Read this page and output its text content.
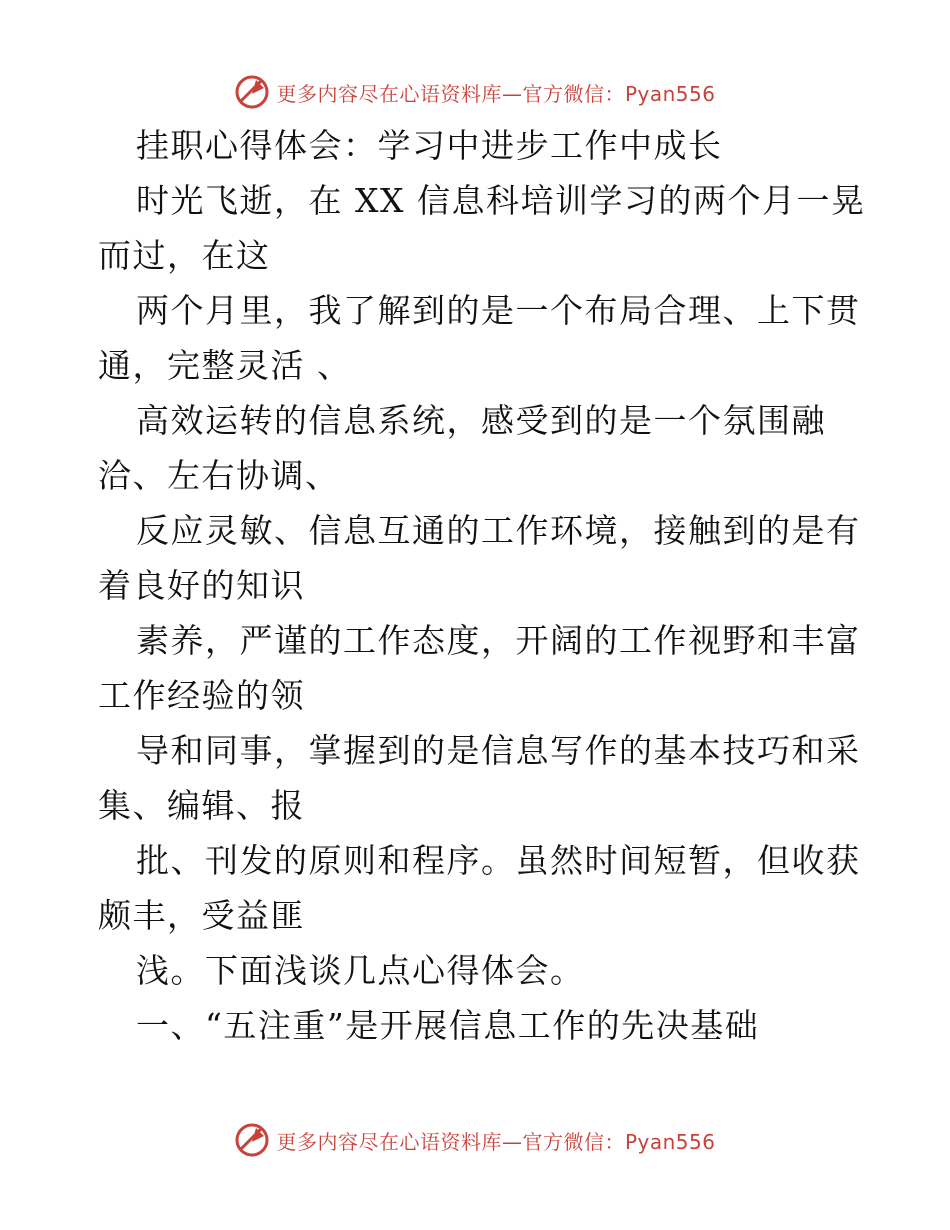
更多内容尽在心语资料库—官方微信：Pyan556
挂职心得体会：学习中进步工作中成长
时光飞逝，在 XX 信息科培训学习的两个月一晃
而过，在这
两个月里，我了解到的是一个布局合理、上下贯
通，完整灵活 、
高效运转的信息系统，感受到的是一个氛围融
洽、左右协调、
反应灵敏、信息互通的工作环境，接触到的是有
着良好的知识
素养，严谨的工作态度，开阔的工作视野和丰富
工作经验的领
导和同事，掌握到的是信息写作的基本技巧和采
集、编辑、报
批、刊发的原则和程序。虽然时间短暂，但收获
颇丰，受益匪
浅。下面浅谈几点心得体会。
一、“五注重”是开展信息工作的先决基础
更多内容尽在心语资料库—官方微信：Pyan556
